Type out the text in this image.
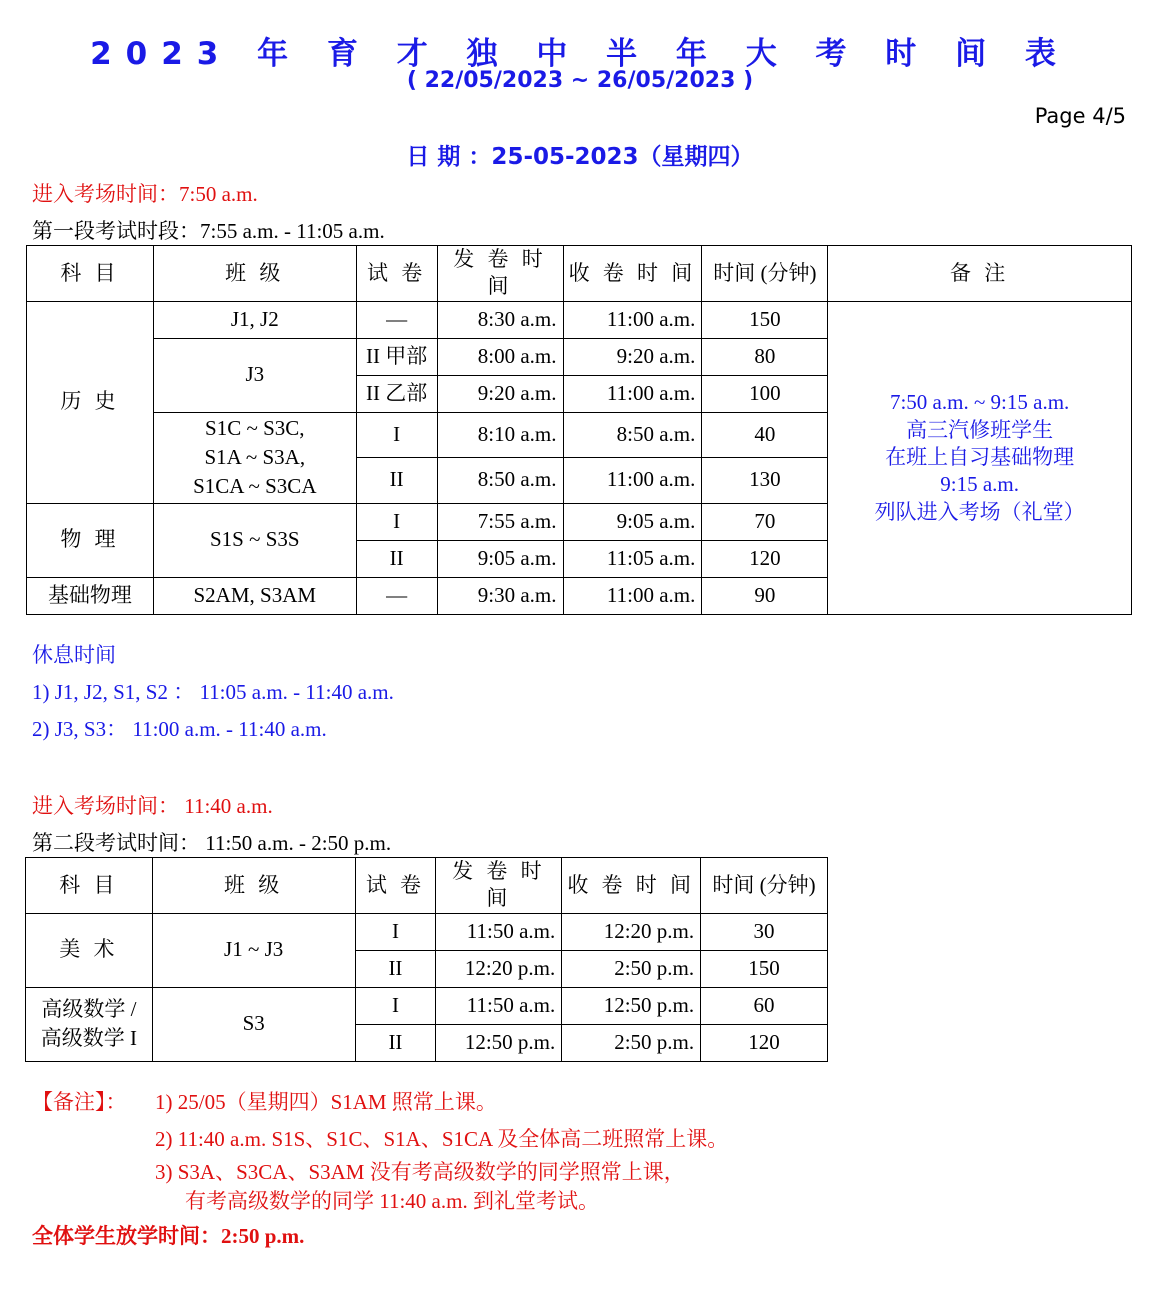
2023 年 育 才 独 中 半 年 大 考 时 间 表
( 22/05/2023 ~ 26/05/2023 )
Page 4/5
日 期 ：25-05-2023（星期四）
进入考场时间：7:50 a.m.
第一段考试时段：7:55 a.m. - 11:05 a.m.
科 目	班 级	试 卷	发 卷 时 间	收 卷 时 间	时间 (分钟)	备 注
历 史	J1, J2	—	8:30 a.m.	11:00 a.m.	150	7:50 a.m. ~ 9:15 a.m.
高三汽修班学生
在班上自习基础物理
9:15 a.m.
列队进入考场（礼堂）

	J3	II 甲部	8:00 a.m.	9:20 a.m.	80	
		II 乙部	9:20 a.m.	11:00 a.m.	100	

	S1C ~ S3C,
S1A ~ S3A,
S1CA ~ S3CA	I	8:10 a.m.	8:50 a.m.	40	
		II	8:50 a.m.	11:00 a.m.	130	
物 理	S1S ~ S3S	I	7:55 a.m.	9:05 a.m.	70	
		II	9:05 a.m.	11:05 a.m.	120	
基础物理	S2AM, S3AM	—	9:30 a.m.	11:00 a.m.	90	
休息时间
1) J1, J2, S1, S2 ： 11:05 a.m. - 11:40 a.m.
2) J3, S3： 11:00 a.m. - 11:40 a.m.
进入考场时间： 11:40 a.m.
第二段考试时间： 11:50 a.m. - 2:50 p.m.
科 目	班 级	试 卷	发 卷 时 间	收 卷 时 间	时间 (分钟)
美 术	J1 ~ J3	I	11:50 a.m.	12:20 p.m.	30
		II	12:20 p.m.	2:50 p.m.	150

高级数学 /
高级数学 I	S3	I	11:50 a.m.	12:50 p.m.	60
		II	12:50 p.m.	2:50 p.m.	120
【备注】： 1) 25/05（星期四）S1AM 照常上课。
2) 11:40 a.m. S1S、S1C、S1A、S1CA 及全体高二班照常上课。
3) S3A、S3CA、S3AM 没有考高级数学的同学照常上课，
有考高级数学的同学 11:40 a.m. 到礼堂考试。
全体学生放学时间：2:50 p.m.
